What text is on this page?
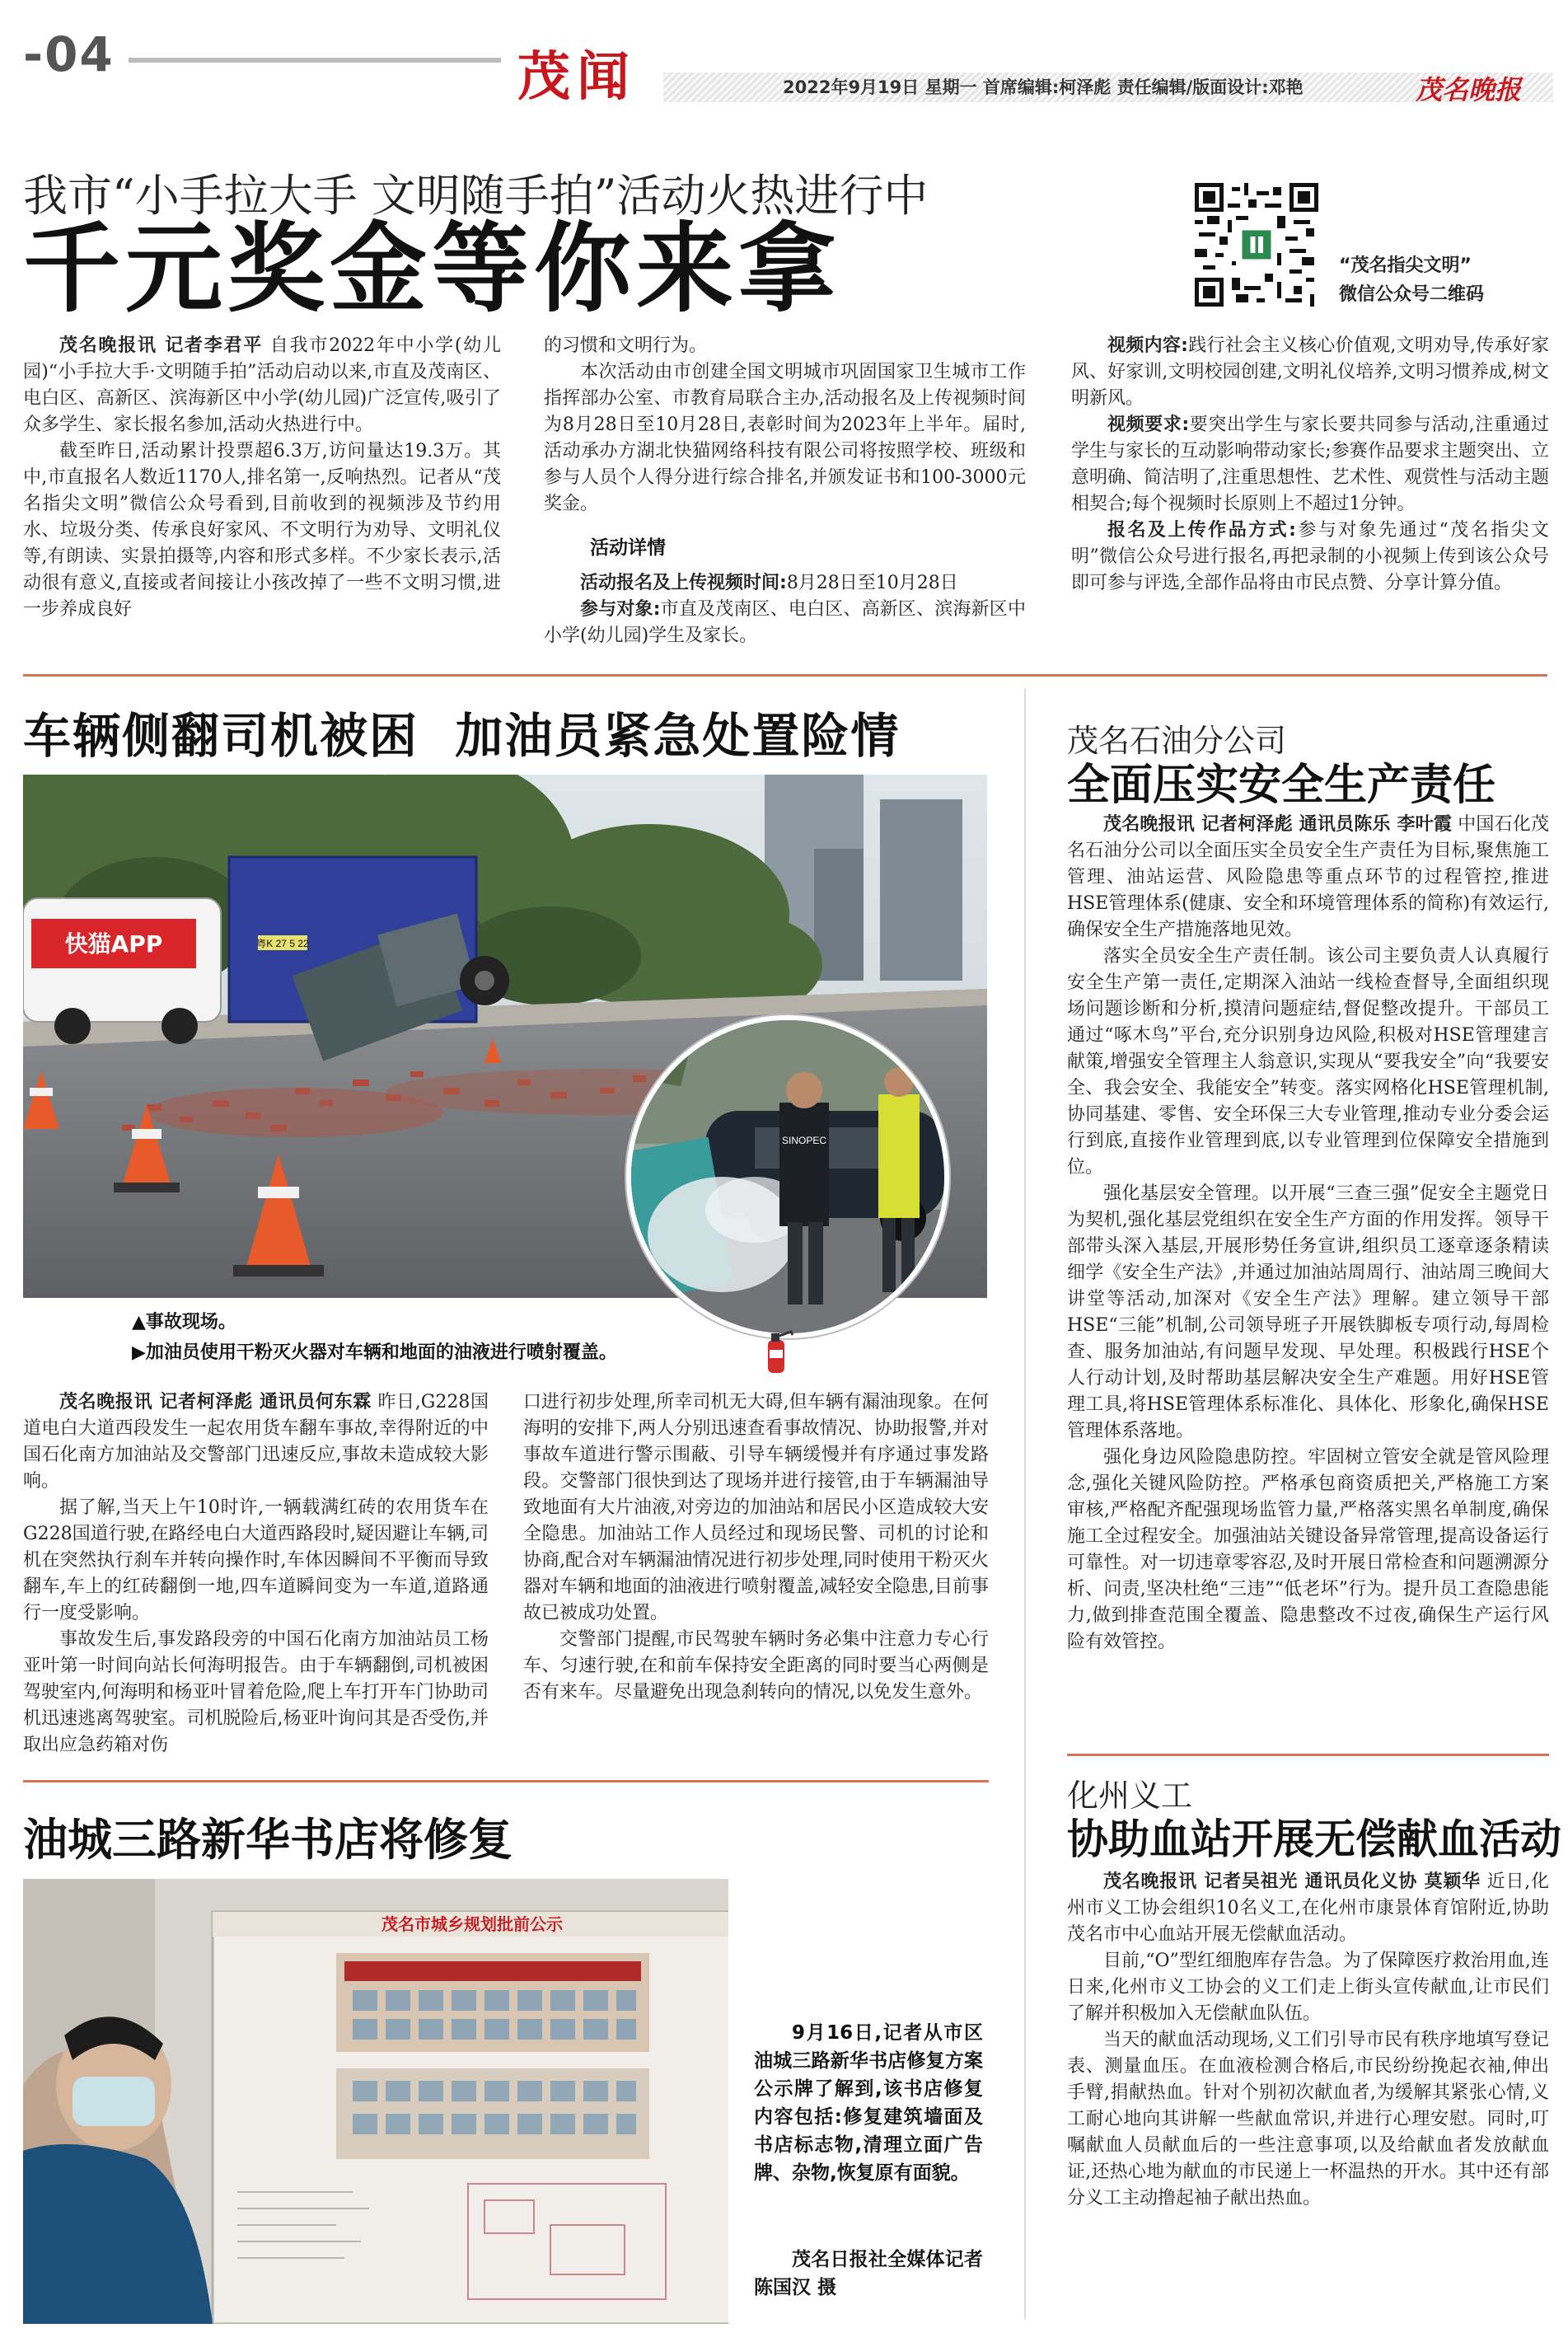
-04	茂闻	2022年9月19日 星期一 首席编辑:柯泽彪 责任编辑/版面设计:邓艳	茂名晚报
我市“小手拉大手 文明随手拍”活动火热进行中
千元奖金等你来拿	“茂名指尖文明”
微信公众号二维码

茂名晚报讯 记者李君平 自我市2022年中小学(幼儿园)“小手拉大手·文明随手拍”活动启动以来,市直及茂南区、电白区、高新区、滨海新区中小学(幼儿园)广泛宣传,吸引了众多学生、家长报名参加,活动火热进行中。

截至昨日,活动累计投票超6.3万,访问量达19.3万。其中,市直报名人数近1170人,排名第一,反响热烈。记者从“茂名指尖文明”微信公众号看到,目前收到的视频涉及节约用水、垃圾分类、传承良好家风、不文明行为劝导、文明礼仪等,有朗读、实景拍摄等,内容和形式多样。不少家长表示,活动很有意义,直接或者间接让小孩改掉了一些不文明习惯,进一步养成良好

的习惯和文明行为。

本次活动由市创建全国文明城市巩固国家卫生城市工作指挥部办公室、市教育局联合主办,活动报名及上传视频时间为8月28日至10月28日,表彰时间为2023年上半年。届时,活动承办方湖北快猫网络科技有限公司将按照学校、班级和参与人员个人得分进行综合排名,并颁发证书和100-3000元奖金。

活动详情

活动报名及上传视频时间:8月28日至10月28日

参与对象:市直及茂南区、电白区、高新区、滨海新区中小学(幼儿园)学生及家长。

视频内容:践行社会主义核心价值观,文明劝导,传承好家风、好家训,文明校园创建,文明礼仪培养,文明习惯养成,树文明新风。

视频要求:要突出学生与家长要共同参与活动,注重通过学生与家长的互动影响带动家长;参赛作品要求主题突出、立意明确、简洁明了,注重思想性、艺术性、观赏性与活动主题相契合;每个视频时长原则上不超过1分钟。

报名及上传作品方式:参与对象先通过“茂名指尖文明”微信公众号进行报名,再把录制的小视频上传到该公众号即可参与评选,全部作品将由市民点赞、分享计算分值。

车辆侧翻司机被困  加油员紧急处置险情
粤K 27 5 22
快猫APP
SINOPEC
▲事故现场。
▶加油员使用干粉灭火器对车辆和地面的油液进行喷射覆盖。

茂名晚报讯 记者柯泽彪 通讯员何东霖 昨日,G228国道电白大道西段发生一起农用货车翻车事故,幸得附近的中国石化南方加油站及交警部门迅速反应,事故未造成较大影响。

据了解,当天上午10时许,一辆载满红砖的农用货车在G228国道行驶,在路经电白大道西路段时,疑因避让车辆,司机在突然执行刹车并转向操作时,车体因瞬间不平衡而导致翻车,车上的红砖翻倒一地,四车道瞬间变为一车道,道路通行一度受影响。

事故发生后,事发路段旁的中国石化南方加油站员工杨亚叶第一时间向站长何海明报告。由于车辆翻倒,司机被困驾驶室内,何海明和杨亚叶冒着危险,爬上车打开车门协助司机迅速逃离驾驶室。司机脱险后,杨亚叶询问其是否受伤,并取出应急药箱对伤

口进行初步处理,所幸司机无大碍,但车辆有漏油现象。在何海明的安排下,两人分别迅速查看事故情况、协助报警,并对事故车道进行警示围蔽、引导车辆缓慢并有序通过事发路段。交警部门很快到达了现场并进行接管,由于车辆漏油导致地面有大片油液,对旁边的加油站和居民小区造成较大安全隐患。加油站工作人员经过和现场民警、司机的讨论和协商,配合对车辆漏油情况进行初步处理,同时使用干粉灭火器对车辆和地面的油液进行喷射覆盖,减轻安全隐患,目前事故已被成功处置。

交警部门提醒,市民驾驶车辆时务必集中注意力专心行车、匀速行驶,在和前车保持安全距离的同时要当心两侧是否有来车。尽量避免出现急刹转向的情况,以免发生意外。

茂名石油分公司
全面压实安全生产责任

茂名晚报讯 记者柯泽彪 通讯员陈乐 李叶霞 中国石化茂名石油分公司以全面压实全员安全生产责任为目标,聚焦施工管理、油站运营、风险隐患等重点环节的过程管控,推进HSE管理体系(健康、安全和环境管理体系的简称)有效运行,确保安全生产措施落地见效。

落实全员安全生产责任制。该公司主要负责人认真履行安全生产第一责任,定期深入油站一线检查督导,全面组织现场问题诊断和分析,摸清问题症结,督促整改提升。干部员工通过“啄木鸟”平台,充分识别身边风险,积极对HSE管理建言献策,增强安全管理主人翁意识,实现从“要我安全”向“我要安全、我会安全、我能安全”转变。落实网格化HSE管理机制,协同基建、零售、安全环保三大专业管理,推动专业分委会运行到底,直接作业管理到底,以专业管理到位保障安全措施到位。

强化基层安全管理。以开展“三查三强”促安全主题党日为契机,强化基层党组织在安全生产方面的作用发挥。领导干部带头深入基层,开展形势任务宣讲,组织员工逐章逐条精读细学《安全生产法》,并通过加油站周周行、油站周三晚间大讲堂等活动,加深对《安全生产法》理解。建立领导干部HSE“三能”机制,公司领导班子开展铁脚板专项行动,每周检查、服务加油站,有问题早发现、早处理。积极践行HSE个人行动计划,及时帮助基层解决安全生产难题。用好HSE管理工具,将HSE管理体系标准化、具体化、形象化,确保HSE管理体系落地。

强化身边风险隐患防控。牢固树立管安全就是管风险理念,强化关键风险防控。严格承包商资质把关,严格施工方案审核,严格配齐配强现场监管力量,严格落实黑名单制度,确保施工全过程安全。加强油站关键设备异常管理,提高设备运行可靠性。对一切违章零容忍,及时开展日常检查和问题溯源分析、问责,坚决杜绝“三违”“低老坏”行为。提升员工查隐患能力,做到排查范围全覆盖、隐患整改不过夜,确保生产运行风险有效管控。

油城三路新华书店将修复
茂名市城乡规划批前公示
9月16日,记者从市区油城三路新华书店修复方案公示牌了解到,该书店修复内容包括:修复建筑墙面及书店标志物,清理立面广告牌、杂物,恢复原有面貌。
茂名日报社全媒体记者 陈国汉 摄
化州义工
协助血站开展无偿献血活动

茂名晚报讯 记者吴祖光 通讯员化义协 莫颖华 近日,化州市义工协会组织10名义工,在化州市康景体育馆附近,协助茂名市中心血站开展无偿献血活动。

目前,“O”型红细胞库存告急。为了保障医疗救治用血,连日来,化州市义工协会的义工们走上街头宣传献血,让市民们了解并积极加入无偿献血队伍。

当天的献血活动现场,义工们引导市民有秩序地填写登记表、测量血压。在血液检测合格后,市民纷纷挽起衣袖,伸出手臂,捐献热血。针对个别初次献血者,为缓解其紧张心情,义工耐心地向其讲解一些献血常识,并进行心理安慰。同时,叮嘱献血人员献血后的一些注意事项,以及给献血者发放献血证,还热心地为献血的市民递上一杯温热的开水。其中还有部分义工主动撸起袖子献出热血。
